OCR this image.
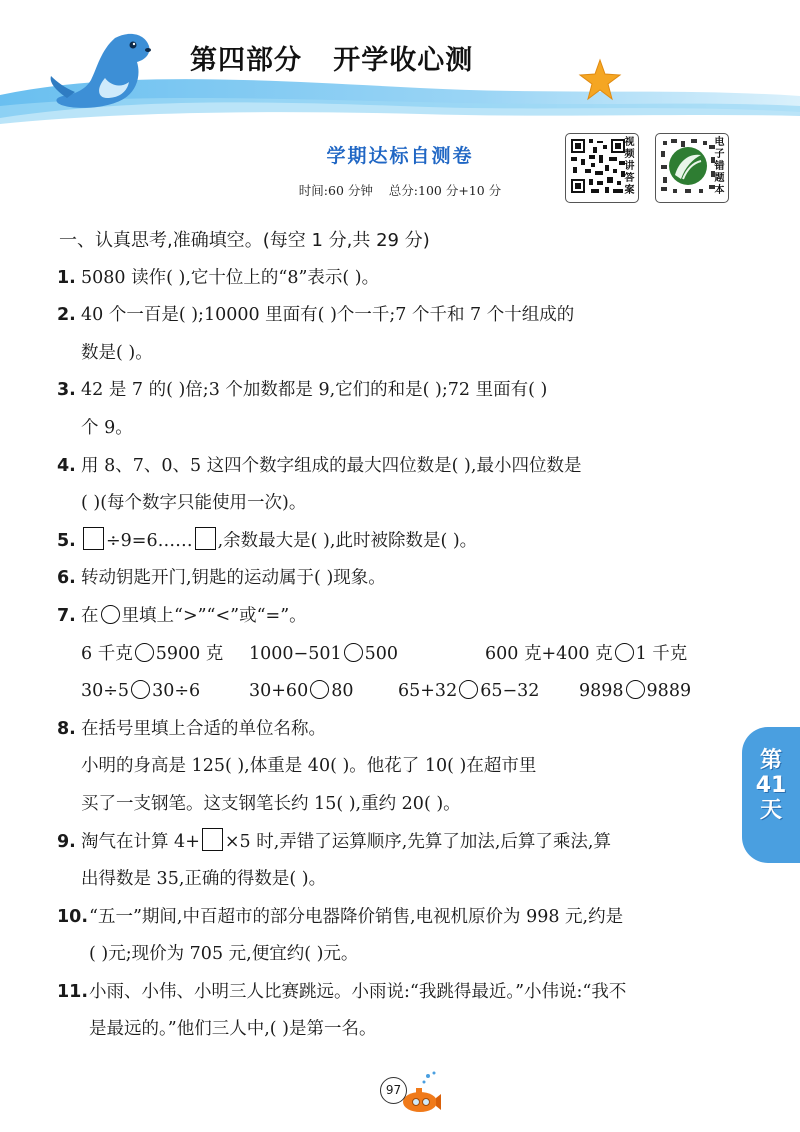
第四部分   开学收心测
学期达标自测卷
时间:60 分钟    总分:100 分+10 分
视
频
讲
答
案
电
子
错
题
本
一、认真思考,准确填空。(每空 1 分,共 29 分)
1. 5080 读作( ),它十位上的“8”表示( )。
2. 40 个一百是( );10000 里面有( )个一千;7 个千和 7 个十组成的
数是( )。
3. 42 是 7 的( )倍;3 个加数都是 9,它们的和是( );72 里面有( )
个 9。
4. 用 8、7、0、5 这四个数字组成的最大四位数是( ),最小四位数是
( )(每个数字只能使用一次)。
5. ÷9=6…… ,余数最大是( ),此时被除数是( )。
6. 转动钥匙开门,钥匙的运动属于( )现象。
7. 在 里填上“>”“<”或“=”。
6 千克 5900 克 1000−501 500	600 克+400 克 1 千克
30÷5 30÷6	30+60 80	65+32 65−32 9898 9889
8. 在括号里填上合适的单位名称。
小明的身高是 125( ),体重是 40( )。他花了 10( )在超市里
买了一支钢笔。这支钢笔长约 15( ),重约 20( )。
9. 淘气在计算 4+ ×5 时,弄错了运算顺序,先算了加法,后算了乘法,算
出得数是 35,正确的得数是( )。
10. “五一”期间,中百超市的部分电器降价销售,电视机原价为 998 元,约是
( )元;现价为 705 元,便宜约( )元。
11. 小雨、小伟、小明三人比赛跳远。小雨说:“我跳得最近。”小伟说:“我不
是最远的。”他们三人中,( )是第一名。
第
41
天
97
